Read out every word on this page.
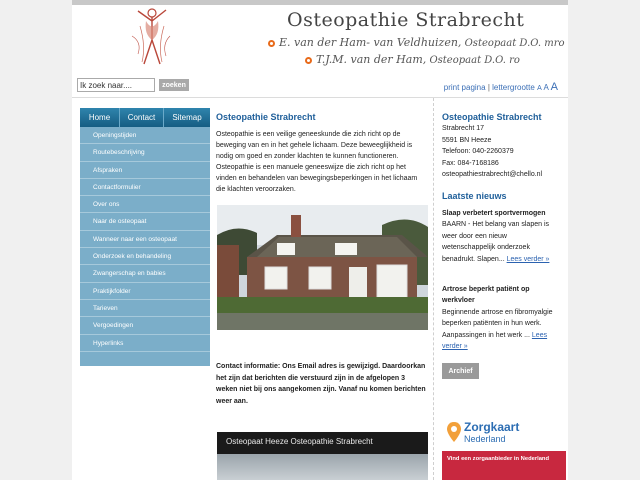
Osteopathie Strabrecht
E. van der Ham- van Veldhuizen, Osteopaat D.O. mro
T.J.M. van der Ham, Osteopaat D.O. ro
Ik zoek naar....
zoeken	print pagina | lettergrootte A A A
Home	Contact	Sitemap
Openingstijden
Routebeschrijving
Afspraken
Contactformulier
Over ons
Naar de osteopaat
Wanneer naar een osteopaat
Onderzoek en behandeling
Zwangerschap en babies
Praktijkfolder
Tarieven
Vergoedingen
Hyperlinks
Osteopathie Strabrecht
Osteopathie is een veilige geneeskunde die zich richt op de beweging van en in het gehele lichaam. Deze beweeglijkheid is nodig om goed en zonder klachten te kunnen functioneren. Osteopathie is een manuele geneeswijze die zich richt op het vinden en behandelen van bewegingsbeperkingen in het lichaam die klachten veroorzaken.
Contact informatie: Ons Email adres is gewijzigd. Daardoorkan het zijn dat berichten die verstuurd zijn in de afgelopen 3 weken niet bij ons aangekomen zijn. Vanaf nu komen berichten weer aan.
Osteopaat Heeze Osteopathie Strabrecht
Osteopathie Strabrecht
Strabrecht 17
5591 BN Heeze
Telefoon: 040-2260379
Fax: 084-7168186
osteopathiestrabrecht@chello.nl
Laatste nieuws
Slaap verbetert sportvermogen
BAARN - Het belang van slapen is weer door een nieuw wetenschappelijk onderzoek benadrukt. Slapen... Lees verder »
Artrose beperkt patiënt op werkvloer
Beginnende artrose en fibromyalgie beperken patiënten in hun werk. Aanpassingen in het werk ... Lees verder »
Archief
Zorgkaart
Nederland
Vind een zorgaanbieder in Nederland
